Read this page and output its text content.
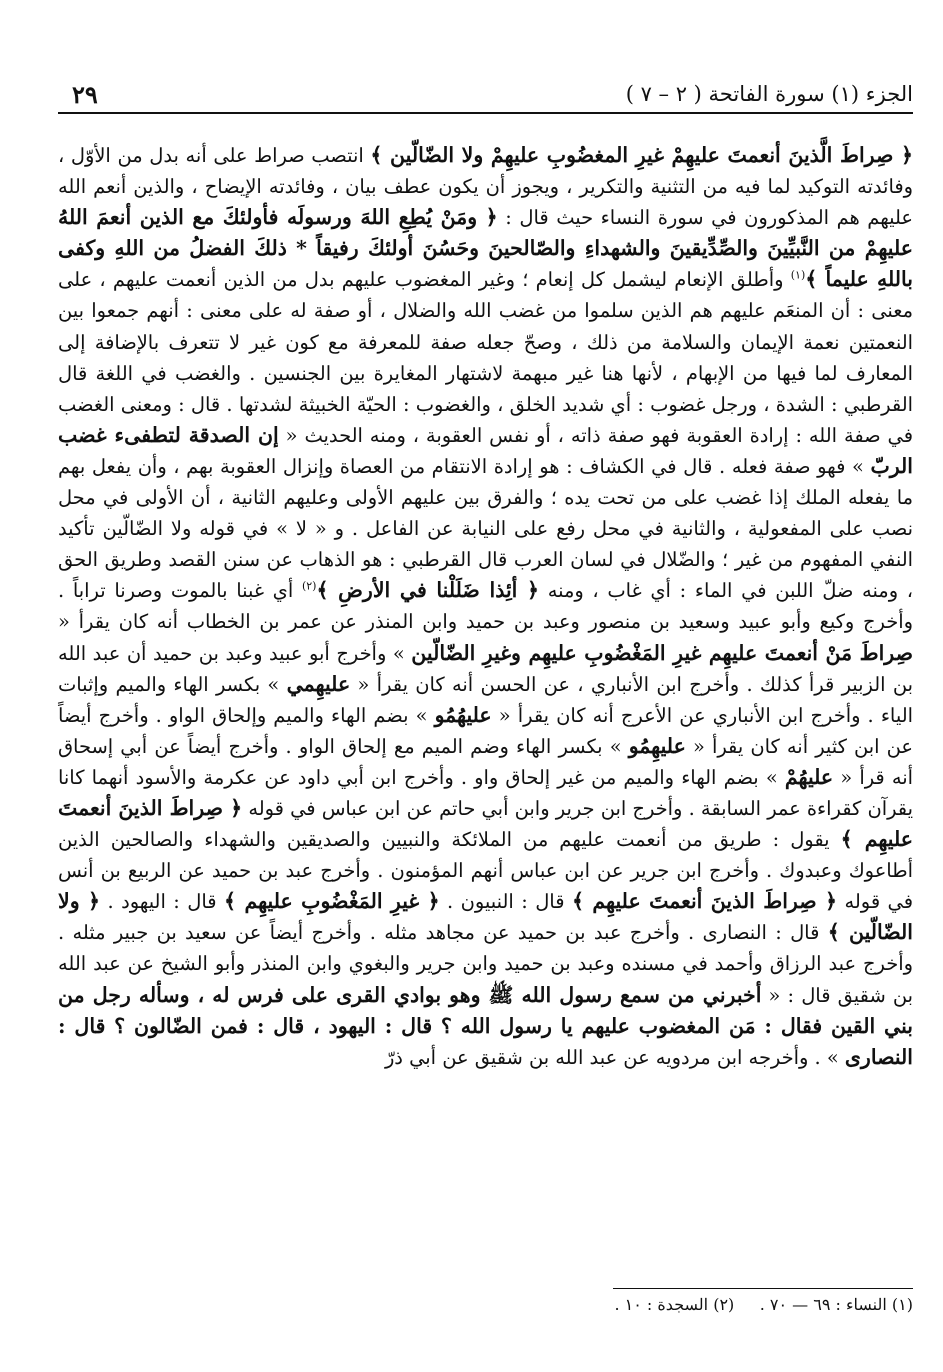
الجزء (١) سورة الفاتحة ( ٢ – ٧ )
٢٩
﴿ صِراطَ الَّذينَ أنعمتَ عليهِمْ غيرِ المغضُوبِ عليهِمْ ولا الضّالّين ﴾ انتصب صراط على أنه بدل من الأوّل ، وفائدته التوكيد لما فيه من التثنية والتكرير ، ويجوز أن يكون عطف بيان ، وفائدته الإيضاح ، والذين أنعم الله عليهم هم المذكورون في سورة النساء حيث قال : ﴿ ومَنْ يُطِعِ اللهَ ورسولَه فأولئكَ مع الذين أنعمَ اللهُ عليهِمْ من النَّبيِّينَ والصِّدِّيقينَ والشهداءِ والصّالحينَ وحَسُنَ أولئكَ رفيقاً * ذلكَ الفضلُ من اللهِ وكفى باللهِ عليماً ﴾$^{(١)}$ وأطلق الإنعام ليشمل كل إنعام ؛ وغير المغضوب عليهم بدل من الذين أنعمت عليهم ، على معنى : أن المنعَم عليهم هم الذين سلموا من غضب الله والضلال ، أو صفة له على معنى : أنهم جمعوا بين النعمتين نعمة الإيمان والسلامة من ذلك ، وصحّ جعله صفة للمعرفة مع كون غير لا تتعرف بالإضافة إلى المعارف لما فيها من الإبهام ، لأنها هنا غير مبهمة لاشتهار المغايرة بين الجنسين . والغضب في اللغة قال القرطبي : الشدة ، ورجل غضوب : أي شديد الخلق ، والغضوب : الحيّة الخبيثة لشدتها . قال : ومعنى الغضب في صفة الله : إرادة العقوبة فهو صفة ذاته ، أو نفس العقوبة ، ومنه الحديث « إن الصدقة لتطفىء غضب الربّ » فهو صفة فعله . قال في الكشاف : هو إرادة الانتقام من العصاة وإنزال العقوبة بهم ، وأن يفعل بهم ما يفعله الملك إذا غضب على من تحت يده ؛ والفرق بين عليهم الأولى وعليهم الثانية ، أن الأولى في محل نصب على المفعولية ، والثانية في محل رفع على النيابة عن الفاعل . و « لا » في قوله ولا الضّالّين تأكيد النفي المفهوم من غير ؛ والضّلال في لسان العرب قال القرطبي : هو الذهاب عن سنن القصد وطريق الحق ، ومنه ضلّ اللبن في الماء : أي غاب ، ومنه ﴿ أئِذا ضَلَلْنا في الأرضِ ﴾$^{(٢)}$ أي غبنا بالموت وصرنا تراباً . وأخرج وكيع وأبو عبيد وسعيد بن منصور وعبد بن حميد وابن المنذر عن عمر بن الخطاب أنه كان يقرأ « صِراطَ مَنْ أنعمتَ عليهِم غيرِ المَغْضُوبِ عليهِم وغيرِ الضّالّين » وأخرج أبو عبيد وعبد بن حميد أن عبد الله بن الزبير قرأ كذلك . وأخرج ابن الأنباري ، عن الحسن أنه كان يقرأ « عليهِمي » بكسر الهاء والميم وإثبات الياء . وأخرج ابن الأنباري عن الأعرج أنه كان يقرأ « عليهُمُو » بضم الهاء والميم وإلحاق الواو . وأخرج أيضاً عن ابن كثير أنه كان يقرأ « عليهِمُو » بكسر الهاء وضم الميم مع إلحاق الواو . وأخرج أيضاً عن أبي إسحاق أنه قرأ « عليهُمْ » بضم الهاء والميم من غير إلحاق واو . وأخرج ابن أبي داود عن عكرمة والأسود أنهما كانا يقرآن كقراءة عمر السابقة . وأخرج ابن جرير وابن أبي حاتم عن ابن عباس في قوله ﴿ صِراطَ الذينَ أنعمتَ عليهِم ﴾ يقول : طريق من أنعمت عليهم من الملائكة والنبيين والصديقين والشهداء والصالحين الذين أطاعوك وعبدوك . وأخرج ابن جرير عن ابن عباس أنهم المؤمنون . وأخرج عبد بن حميد عن الربيع بن أنس في قوله ﴿ صِراطَ الذينَ أنعمتَ عليهِم ﴾ قال : النبيون . ﴿ غيرِ المَغْضُوبِ عليهِم ﴾ قال : اليهود . ﴿ ولا الضّالّين ﴾ قال : النصارى . وأخرج عبد بن حميد عن مجاهد مثله . وأخرج أيضاً عن سعيد بن جبير مثله . وأخرج عبد الرزاق وأحمد في مسنده وعبد بن حميد وابن جرير والبغوي وابن المنذر وأبو الشيخ عن عبد الله بن شقيق قال : « أخبرني من سمع رسول الله ﷺ وهو بوادي القرى على فرس له ، وسأله رجل من بني القين فقال : مَن المغضوب عليهم يا رسول الله ؟ قال : اليهود ، قال : فمن الضّالون ؟ قال : النصارى » . وأخرجه ابن مردويه عن عبد الله بن شقيق عن أبي ذرّ
(١) النساء : ٦٩ — ٧٠ .     (٢) السجدة : ١٠ .
